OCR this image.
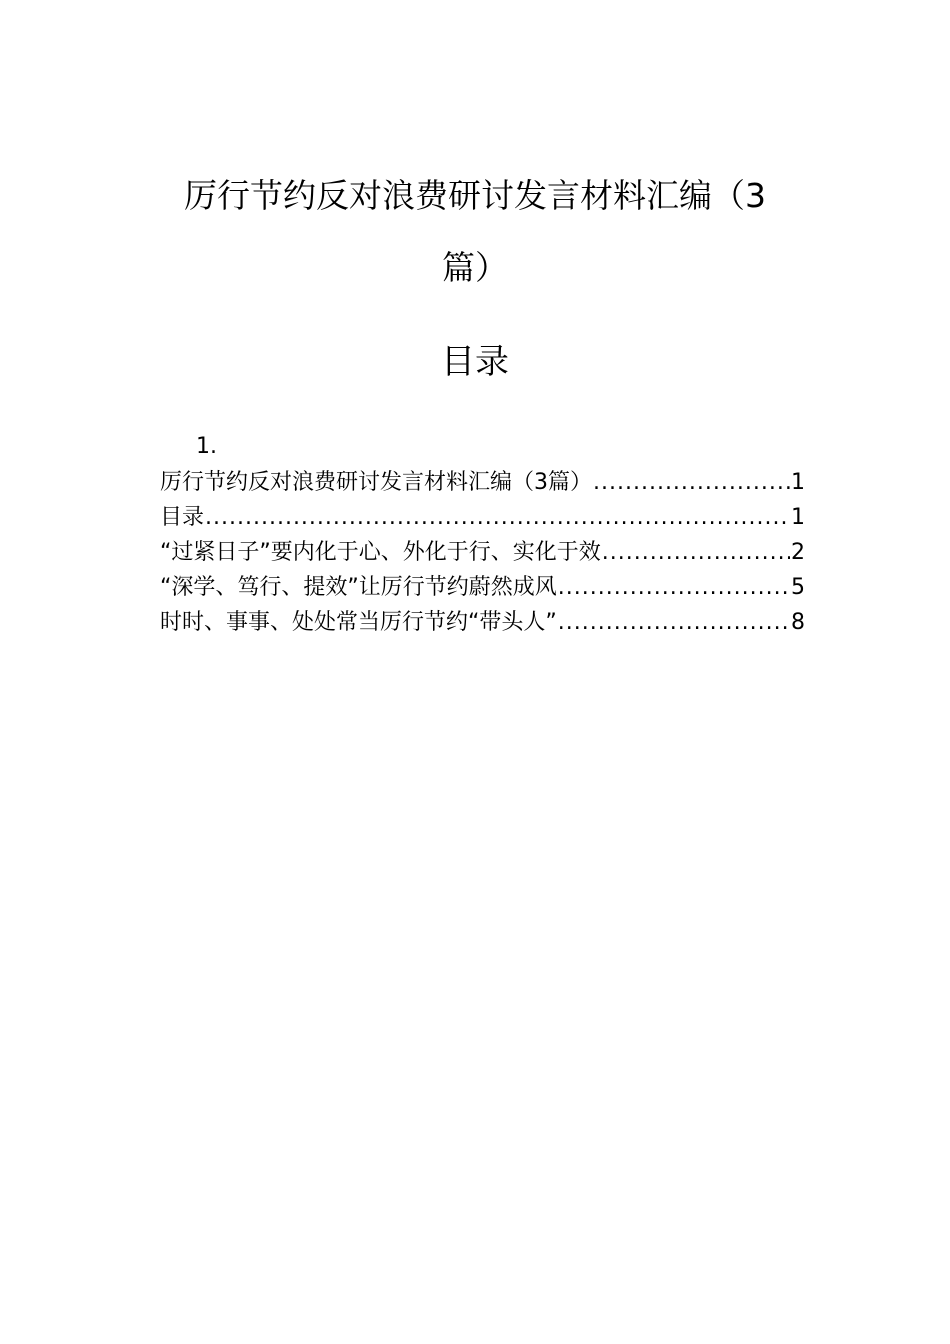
厉行节约反对浪费研讨发言材料汇编（3篇）
目录
1.
厉行节约反对浪费研讨发言材料汇编（3篇） .....	1
目录 .....	1
“过紧日子”要内化于心、外化于行、实化于效 .....	2
“深学、笃行、提效”让厉行节约蔚然成风 .....	5
时时、事事、处处常当厉行节约“带头人” .....	8
